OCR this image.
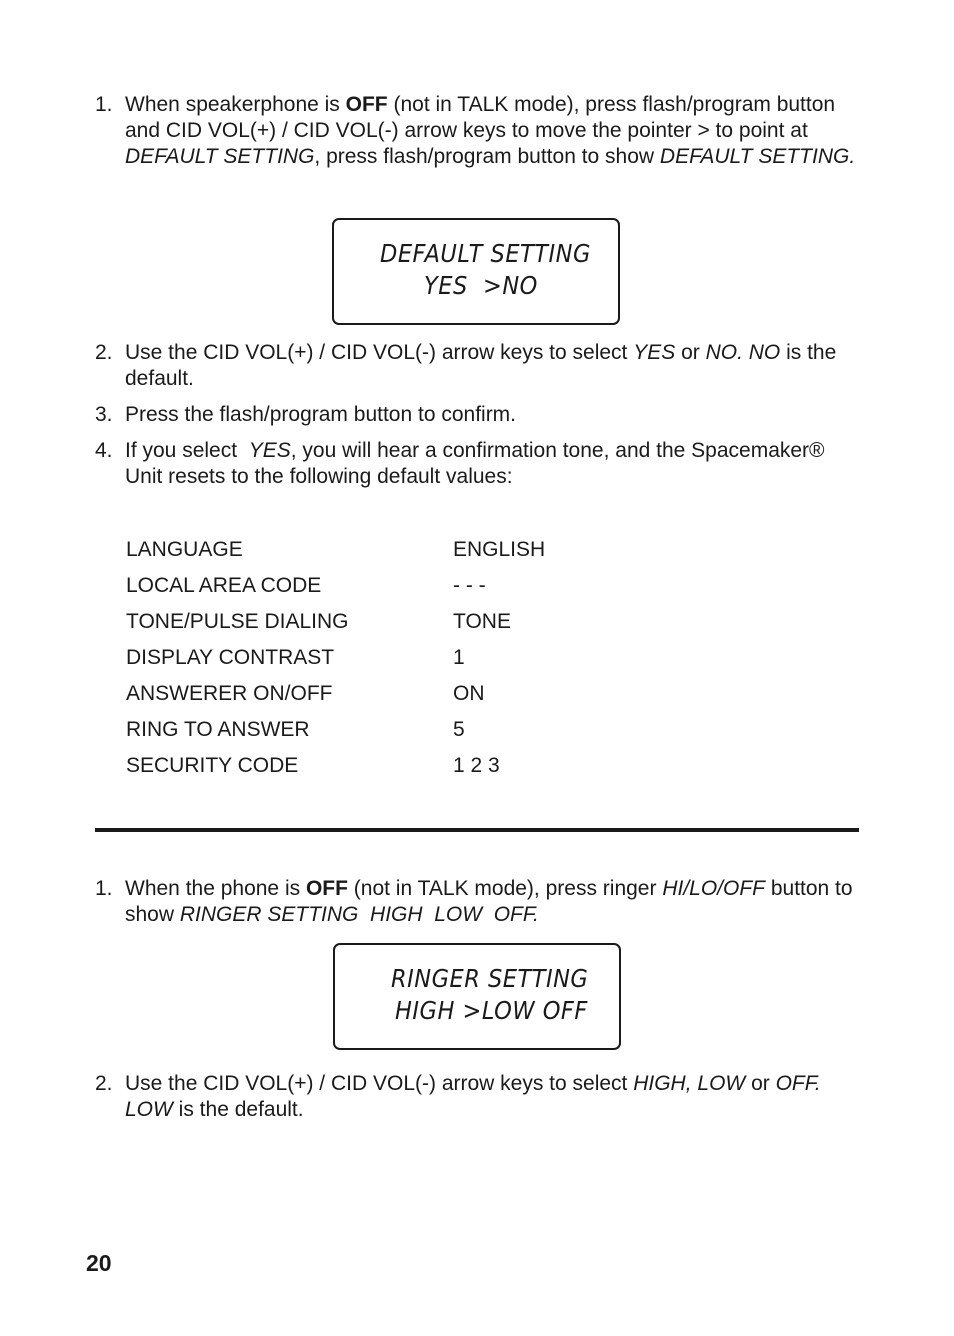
1. When speakerphone is OFF (not in TALK mode), press flash/program button and CID VOL(+) / CID VOL(-) arrow keys to move the pointer > to point at DEFAULT SETTING, press flash/program button to show DEFAULT SETTING.
DEFAULT SETTING
YES  >NO
2. Use the CID VOL(+) / CID VOL(-) arrow keys to select YES or NO. NO is the default.
3. Press the flash/program button to confirm.
4. If you select  YES, you will hear a confirmation tone, and the Spacemaker® Unit resets to the following default values:
LANGUAGE	ENGLISH
LOCAL AREA CODE	- - -
TONE/PULSE DIALING	TONE
DISPLAY CONTRAST	1
ANSWERER ON/OFF	ON
RING TO ANSWER	5
SECURITY CODE	1 2 3
1. When the phone is OFF (not in TALK mode), press ringer HI/LO/OFF button to show RINGER SETTING  HIGH  LOW  OFF.
RINGER SETTING
HIGH >LOW OFF
2. Use the CID VOL(+) / CID VOL(-) arrow keys to select HIGH, LOW or OFF. LOW is the default.
20
